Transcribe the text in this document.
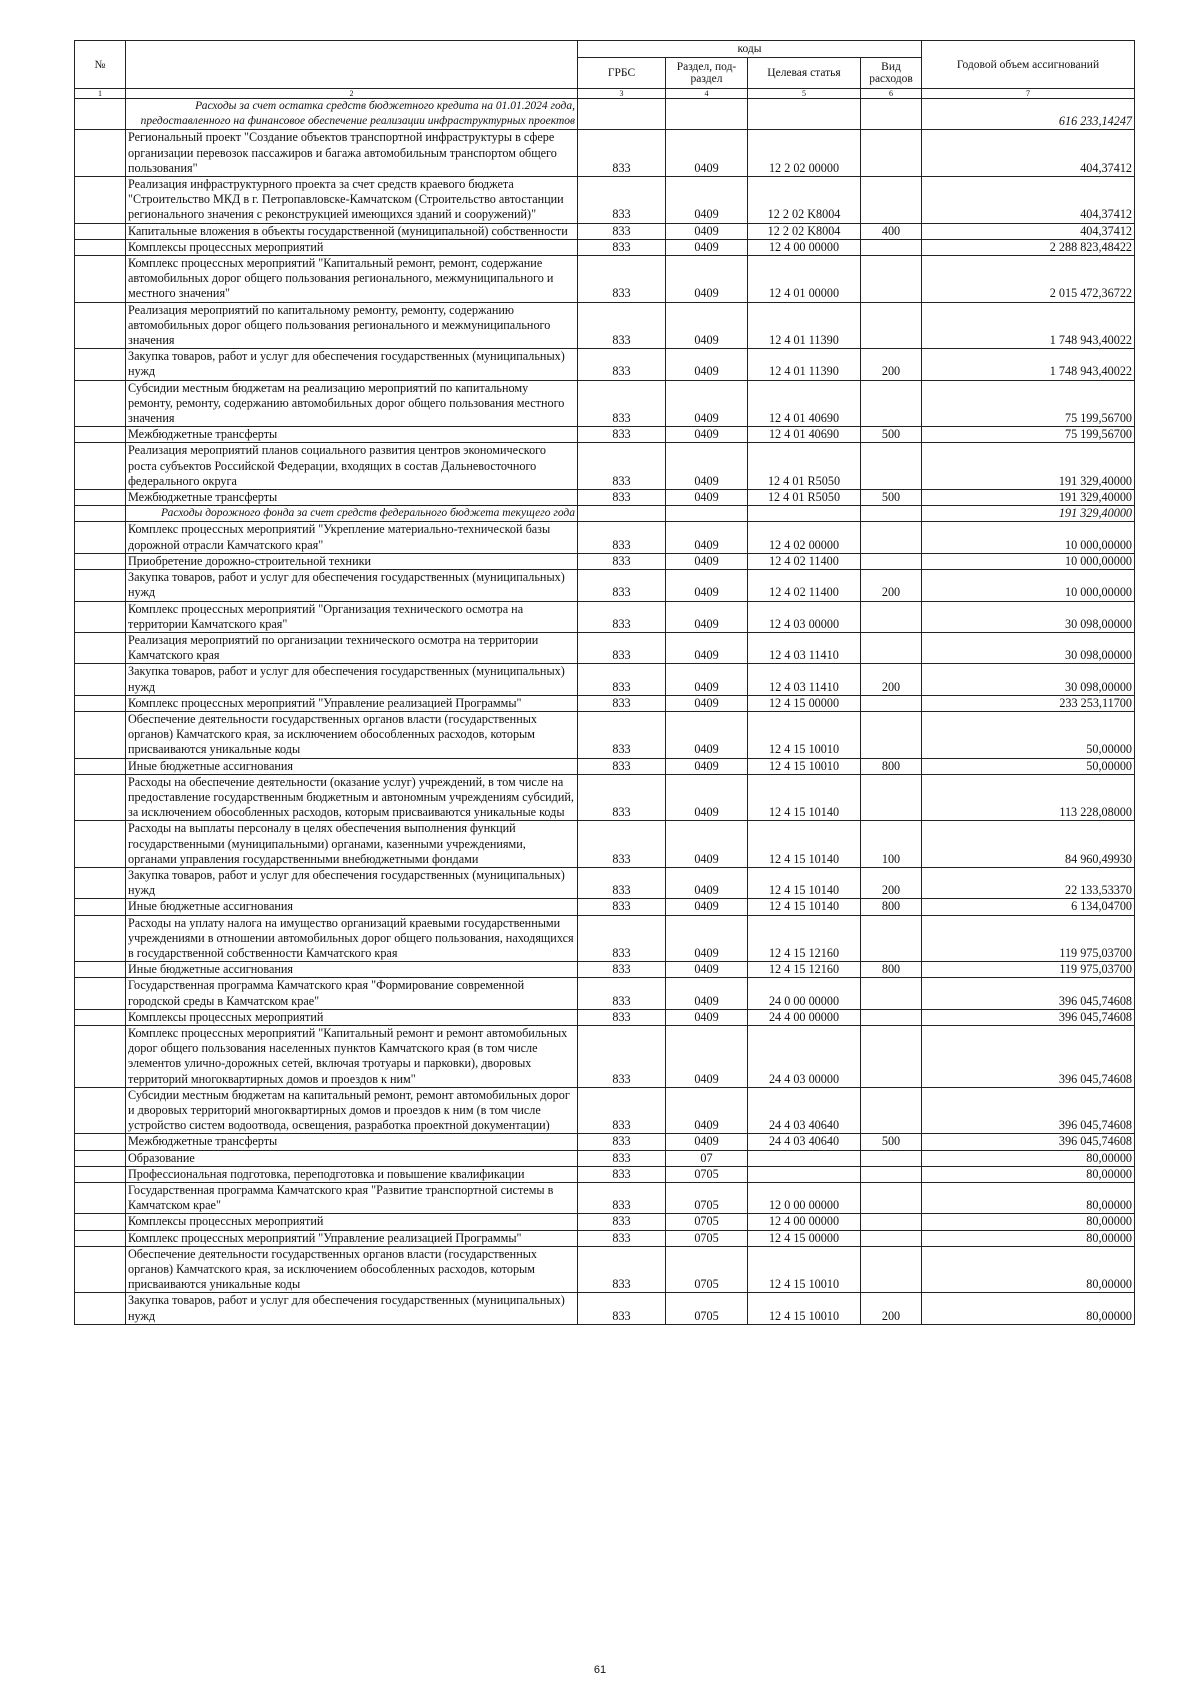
№		коды				Годовой объем ассигнований
		ГРБС	Раздел, под-раздел	Целевая статья	Вид расходов	
1	2	3	4	5	6	7
	Расходы за счет остатка средств бюджетного кредита на 01.01.2024 года, предоставленного на финансовое обеспечение реализации инфраструктурных проектов					616 233,14247
	Региональный проект "Создание объектов транспортной инфраструктуры в сфере организации перевозок пассажиров и багажа автомобильным транспортом общего пользования"	833	0409	12 2 02 00000		404,37412
	Реализация инфраструктурного проекта за счет средств краевого бюджета "Строительство МКД в г. Петропавловске-Камчатском (Строительство автостанции регионального значения с реконструкцией имеющихся зданий и сооружений)"	833	0409	12 2 02 K8004		404,37412
	Капитальные вложения в объекты государственной (муниципальной) собственности	833	0409	12 2 02 K8004	400	404,37412
	Комплексы процессных мероприятий	833	0409	12 4 00 00000		2 288 823,48422
	Комплекс процессных мероприятий "Капитальный ремонт, ремонт, содержание автомобильных дорог общего пользования регионального, межмуниципального и местного значения"	833	0409	12 4 01 00000		2 015 472,36722
	Реализация мероприятий по капитальному ремонту, ремонту, содержанию автомобильных дорог общего пользования регионального и межмуниципального значения	833	0409	12 4 01 11390		1 748 943,40022
	Закупка товаров, работ и услуг для обеспечения государственных (муниципальных) нужд	833	0409	12 4 01 11390	200	1 748 943,40022
	Субсидии местным бюджетам на реализацию мероприятий по капитальному ремонту, ремонту, содержанию автомобильных дорог общего пользования местного значения	833	0409	12 4 01 40690		75 199,56700
	Межбюджетные трансферты	833	0409	12 4 01 40690	500	75 199,56700
	Реализация мероприятий планов социального развития центров экономического роста субъектов Российской Федерации, входящих в состав Дальневосточного федерального округа	833	0409	12 4 01 R5050		191 329,40000
	Межбюджетные трансферты	833	0409	12 4 01 R5050	500	191 329,40000
	Расходы дорожного фонда за счет средств федерального бюджета текущего года					191 329,40000
	Комплекс процессных мероприятий "Укрепление материально-технической базы дорожной отрасли Камчатского края"	833	0409	12 4 02 00000		10 000,00000
	Приобретение дорожно-строительной техники	833	0409	12 4 02 11400		10 000,00000
	Закупка товаров, работ и услуг для обеспечения государственных (муниципальных) нужд	833	0409	12 4 02 11400	200	10 000,00000
	Комплекс процессных мероприятий "Организация технического осмотра на территории Камчатского края"	833	0409	12 4 03 00000		30 098,00000
	Реализация мероприятий по организации технического осмотра на территории Камчатского края	833	0409	12 4 03 11410		30 098,00000
	Закупка товаров, работ и услуг для обеспечения государственных (муниципальных) нужд	833	0409	12 4 03 11410	200	30 098,00000
	Комплекс процессных мероприятий "Управление реализацией Программы"	833	0409	12 4 15 00000		233 253,11700
	Обеспечение деятельности государственных органов власти (государственных органов) Камчатского края, за исключением обособленных расходов, которым присваиваются уникальные коды	833	0409	12 4 15 10010		50,00000
	Иные бюджетные ассигнования	833	0409	12 4 15 10010	800	50,00000
	Расходы на обеспечение деятельности (оказание услуг) учреждений, в том числе на предоставление государственным бюджетным и автономным учреждениям субсидий, за исключением обособленных расходов, которым присваиваются уникальные коды	833	0409	12 4 15 10140		113 228,08000
	Расходы на выплаты персоналу в целях обеспечения выполнения функций государственными (муниципальными) органами, казенными учреждениями, органами управления государственными внебюджетными фондами	833	0409	12 4 15 10140	100	84 960,49930
	Закупка товаров, работ и услуг для обеспечения государственных (муниципальных) нужд	833	0409	12 4 15 10140	200	22 133,53370
	Иные бюджетные ассигнования	833	0409	12 4 15 10140	800	6 134,04700
	Расходы на уплату налога на имущество организаций краевыми государственными учреждениями в отношении автомобильных дорог общего пользования, находящихся в государственной собственности Камчатского края	833	0409	12 4 15 12160		119 975,03700
	Иные бюджетные ассигнования	833	0409	12 4 15 12160	800	119 975,03700
	Государственная программа Камчатского края "Формирование современной городской среды в Камчатском крае"	833	0409	24 0 00 00000		396 045,74608
	Комплексы процессных мероприятий	833	0409	24 4 00 00000		396 045,74608
	Комплекс процессных мероприятий "Капитальный ремонт и ремонт автомобильных дорог общего пользования населенных пунктов Камчатского края (в том числе элементов улично-дорожных сетей, включая тротуары и парковки), дворовых территорий многоквартирных домов и проездов к ним"	833	0409	24 4 03 00000		396 045,74608
	Субсидии местным бюджетам на капитальный ремонт, ремонт автомобильных дорог и дворовых территорий многоквартирных домов и проездов к ним (в том числе устройство систем водоотвода, освещения, разработка проектной документации)	833	0409	24 4 03 40640		396 045,74608
	Межбюджетные трансферты	833	0409	24 4 03 40640	500	396 045,74608
	Образование	833	07			80,00000
	Профессиональная подготовка, переподготовка и повышение квалификации	833	0705			80,00000
	Государственная программа Камчатского края "Развитие транспортной системы в Камчатском крае"	833	0705	12 0 00 00000		80,00000
	Комплексы процессных мероприятий	833	0705	12 4 00 00000		80,00000
	Комплекс процессных мероприятий "Управление реализацией Программы"	833	0705	12 4 15 00000		80,00000
	Обеспечение деятельности государственных органов власти (государственных органов) Камчатского края, за исключением обособленных расходов, которым присваиваются уникальные коды	833	0705	12 4 15 10010		80,00000
	Закупка товаров, работ и услуг для обеспечения государственных (муниципальных) нужд	833	0705	12 4 15 10010	200	80,00000
61
